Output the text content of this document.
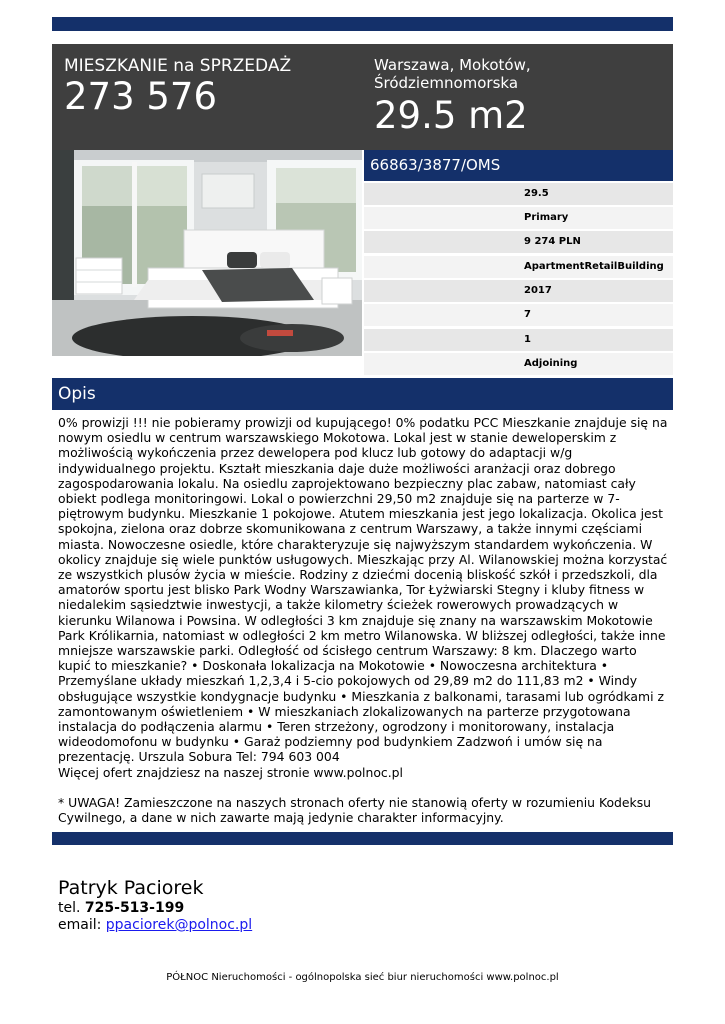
MIESZKANIE na SPRZEDAŻ
273 576
Warszawa, Mokotów, Śródziemnomorska
29.5 m2
66863/3877/OMS
29.5
Primary
9 274 PLN
ApartmentRetailBuilding
2017
7
1
Adjoining
Opis

0% prowizji !!! nie pobieramy prowizji od kupującego! 0% podatku PCC Mieszkanie znajduje się na nowym osiedlu w centrum warszawskiego Mokotowa. Lokal jest w stanie deweloperskim z możliwością wykończenia przez dewelopera pod klucz lub gotowy do adaptacji w/g indywidualnego projektu. Kształt mieszkania daje duże możliwości aranżacji oraz dobrego zagospodarowania lokalu. Na osiedlu zaprojektowano bezpieczny plac zabaw, natomiast cały obiekt podlega monitoringowi. Lokal o powierzchni 29,50 m2 znajduje się na parterze w 7-piętrowym budynku. Mieszkanie 1 pokojowe. Atutem mieszkania jest jego lokalizacja. Okolica jest spokojna, zielona oraz dobrze skomunikowana z centrum Warszawy, a także innymi częściami miasta. Nowoczesne osiedle, które charakteryzuje się najwyższym standardem wykończenia. W okolicy znajduje się wiele punktów usługowych. Mieszkając przy Al. Wilanowskiej można korzystać ze wszystkich plusów życia w mieście. Rodziny z dziećmi docenią bliskość szkół i przedszkoli, dla amatorów sportu jest blisko Park Wodny Warszawianka, Tor Łyżwiarski Stegny i kluby fitness w niedalekim sąsiedztwie inwestycji, a także kilometry ścieżek rowerowych prowadzących w kierunku Wilanowa i Powsina. W odległości 3 km znajduje się znany na warszawskim Mokotowie Park Królikarnia, natomiast w odległości 2 km metro Wilanowska. W bliższej odległości, także inne mniejsze warszawskie parki. Odległość od ścisłego centrum Warszawy: 8 km. Dlaczego warto kupić to mieszkanie? • Doskonała lokalizacja na Mokotowie • Nowoczesna architektura • Przemyślane układy mieszkań 1,2,3,4 i 5-cio pokojowych od 29,89 m2 do 111,83 m2 • Windy obsługujące wszystkie kondygnacje budynku • Mieszkania z balkonami, tarasami lub ogródkami z zamontowanym oświetleniem • W mieszkaniach zlokalizowanych na parterze przygotowana instalacja do podłączenia alarmu • Teren strzeżony, ogrodzony i monitorowany, instalacja wideodomofonu w budynku • Garaż podziemny pod budynkiem Zadzwoń i umów się na prezentację. Urszula Sobura Tel: 794 603 004

Więcej ofert znajdziesz na naszej stronie www.polnoc.pl

* UWAGA! Zamieszczone na naszych stronach oferty nie stanowią oferty w rozumieniu Kodeksu Cywilnego, a dane w nich zawarte mają jedynie charakter informacyjny.

Patryk Paciorek
tel. 725-513-199
email: ppaciorek@polnoc.pl
PÓŁNOC Nieruchomości - ogólnopolska sieć biur nieruchomości www.polnoc.pl
